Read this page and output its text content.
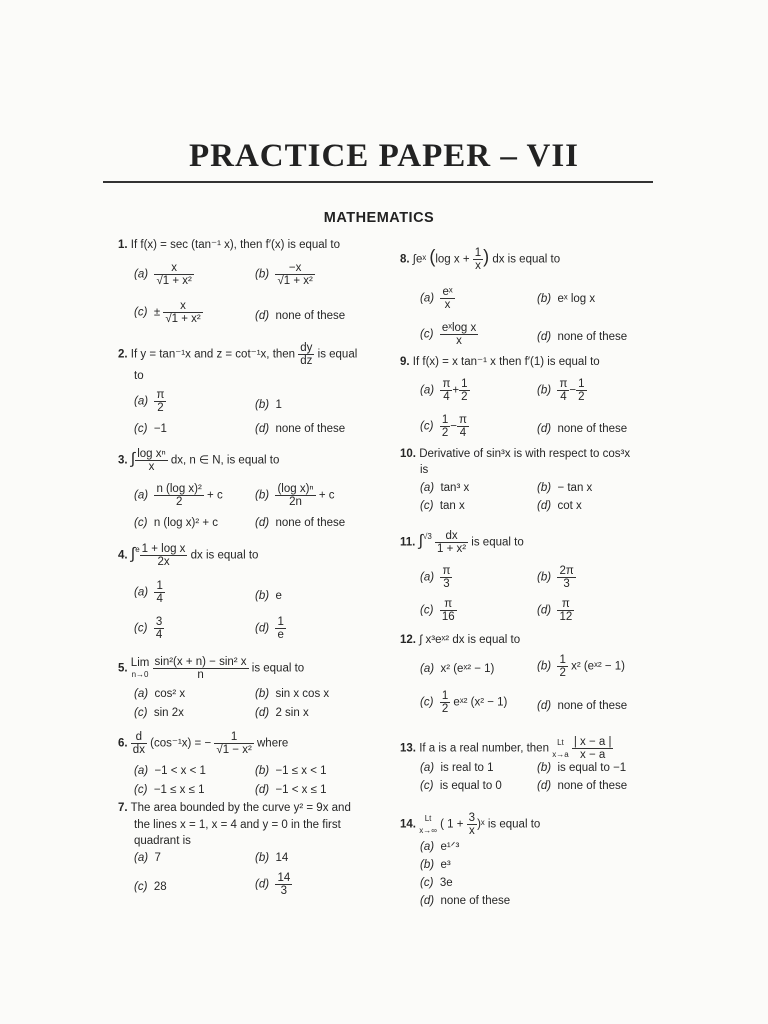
PRACTICE PAPER – VII
MATHEMATICS
1. If f(x) = sec (tan⁻¹ x), then f′(x) is equal to
$(a) \frac{x}{\text{√1 + x²}}$	$(b) \frac{-x}{\text{√1 + x²}}$
$(c) \pm \frac{x}{\text{√1 + x²}}$	(d) none of these
2. If y = tan⁻¹x and z = cot⁻¹x, then $\frac{dy}{dz}$ is equal
to
$(a) \frac{\pi}{2}$	(b) 1
(c) −1	(d) none of these
3. ∫ $\frac{\text{log xⁿ}}{x}$ dx, n ∈ N, is equal to
$(a) \frac{\text{n (log x)²}}{2} + c$	$(b) \frac{\text{(log x)ⁿ}}{2n} + c$
(c) n (log x)² + c	(d) none of these
4. $\int^e \frac{\text{1 + log x}}{2x}$ dx is equal to
$(a) \frac{1}{4}$	(b) e
$(c) \frac{3}{4}$	$(d) \frac{1}{e}$
5.
Lim
n→0
$\frac{\text{sin²(x + n) − sin² x}}{n}$ is equal to
(a) cos² x	(b) sin x cos x
(c) sin 2x	(d) 2 sin x
6. $\frac{d}{dx} (\cos^{-1}x)$ = − $\frac{1}{\text{√1 − x²}}$ where
(a) −1 < x < 1	(b) −1 ≤ x < 1
(c) −1 ≤ x ≤ 1	(d) −1 < x ≤ 1
7. The area bounded by the curve y² = 9x and
the lines x = 1, x = 4 and y = 0 in the first
quadrant is
(a) 7	(b) 14
(c) 28	$(d) \frac{14}{3}$
8. ∫eˣ (log $x + \frac{1}{x}$ ) dx is equal to
$(a) \frac{\text{eˣ}}{x}$	(b) eˣ log x
$(c) \frac{\text{eˣlog x}}{x}$	(d) none of these
9. If f(x) = x tan⁻¹ x then f′(1) is equal to
$(a) \frac{\pi}{4} + \frac{1}{2}$	$(b) \frac{\pi}{4} - \frac{1}{2}$
$(c) \frac{1}{2} - \frac{\pi}{4}$	(d) none of these
10. Derivative of sin³x is with respect to cos³x
is
(a) tan³ x	(b) − tan x
(c) tan x	(d) cot x
11. $\int^{√3} \frac{dx}{\text{1 + x²}}$ is equal to
$(a) \frac{\pi}{3}$	$(b) \frac{2\pi}{3}$
$(c) \frac{\pi}{16}$	$(d) \frac{\pi}{12}$
12. ∫ x³eˣ² dx is equal to
(a) x² (eˣ² − 1)	$(b) \frac{1}{2} x^2$ (eˣ² − 1)
$(c) \frac{1}{2}$ eˣ² (x² − 1)	(d) none of these
13. If a is a real number, then
Lt
x→a
$\frac{| x - a |}{x - a}$
(a) is real to 1	(b) is equal to −1
(c) is equal to 0	(d) none of these
14.
Lt
x→∞ ( $1 + \frac{3}{x}$ )ˣ is equal to
(a) e¹ᐟ³
(b) e³
(c) 3e
(d) none of these
